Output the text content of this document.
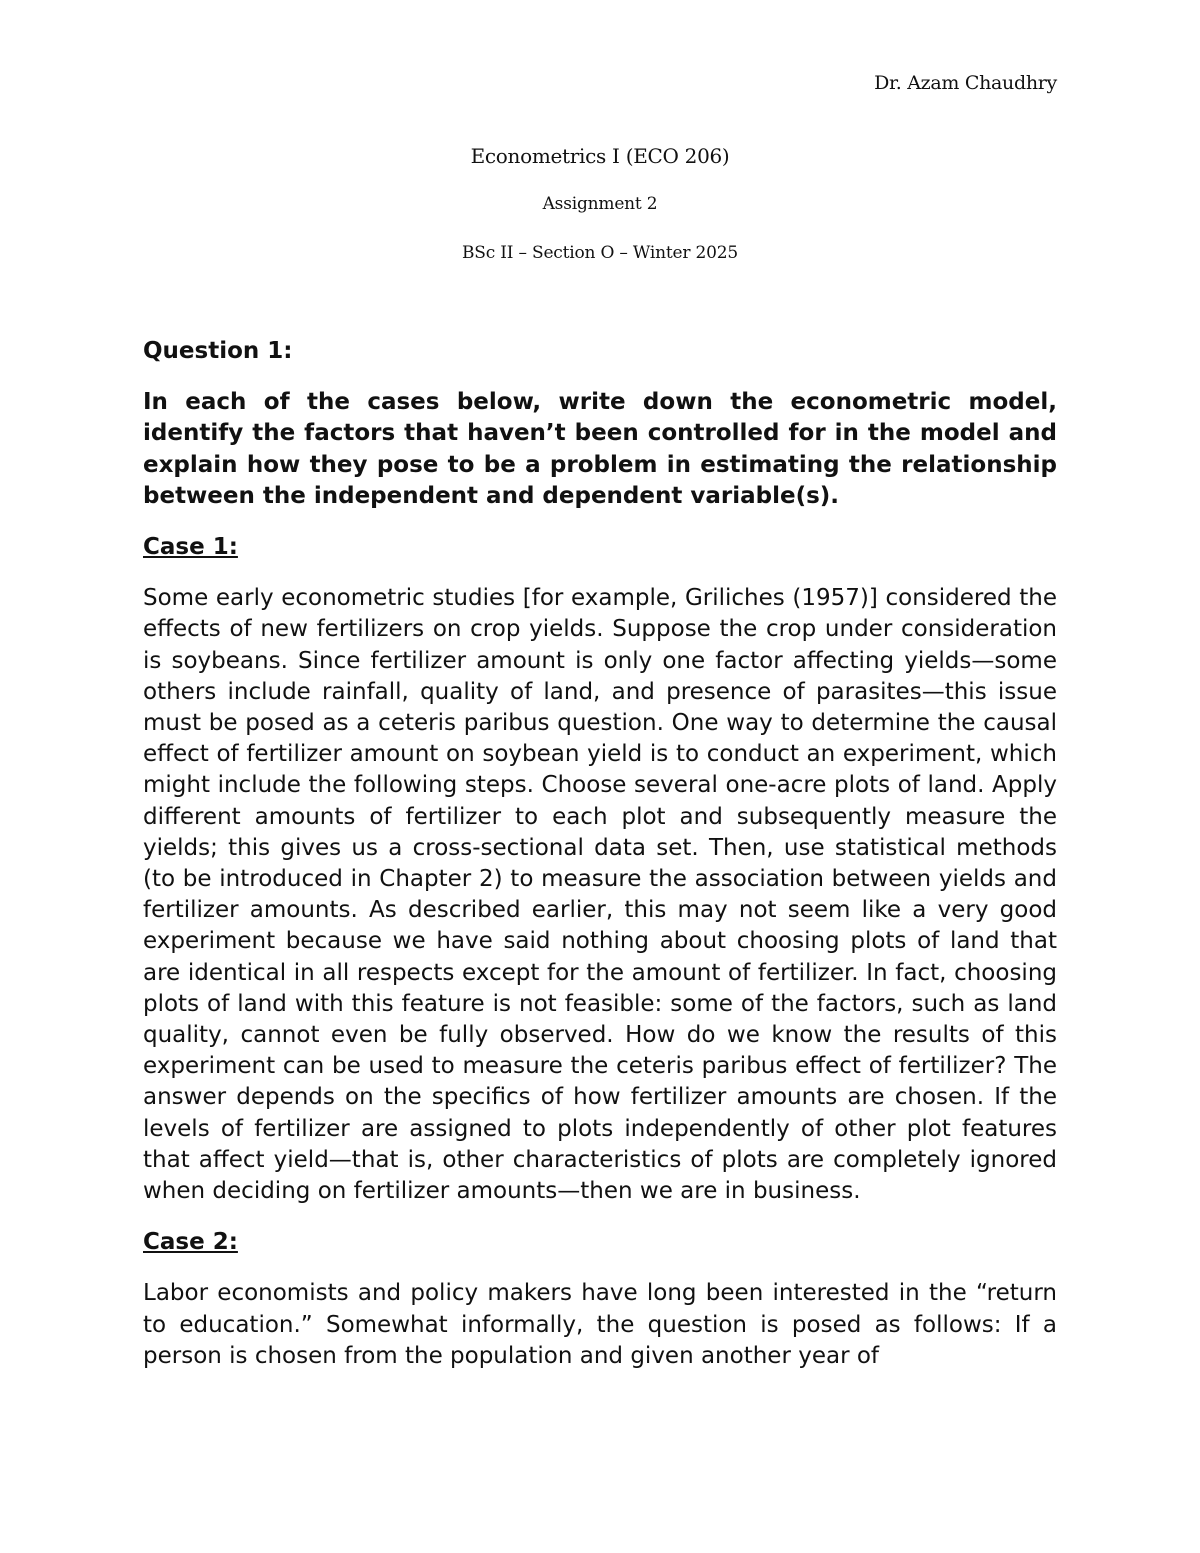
Dr. Azam Chaudhry

Econometrics I (ECO 206)

Assignment 2

BSc II – Section O – Winter 2025

Question 1:

In each of the cases below, write down the econometric model, identify the factors that haven’t been controlled for in the model and explain how they pose to be a problem in estimating the relationship between the independent and dependent variable(s).

Case 1:

Some early econometric studies [for example, Griliches (1957)] considered the effects of new fertilizers on crop yields. Suppose the crop under consideration is soybeans. Since fertilizer amount is only one factor affecting yields—some others include rainfall, quality of land, and presence of parasites—this issue must be posed as a ceteris paribus question. One way to determine the causal effect of fertilizer amount on soybean yield is to conduct an experiment, which might include the following steps. Choose several one-acre plots of land. Apply different amounts of fertilizer to each plot and subsequently measure the yields; this gives us a cross-sectional data set. Then, use statistical methods (to be introduced in Chapter 2) to measure the association between yields and fertilizer amounts. As described earlier, this may not seem like a very good experiment because we have said nothing about choosing plots of land that are identical in all respects except for the amount of fertilizer. In fact, choosing plots of land with this feature is not feasible: some of the factors, such as land quality, cannot even be fully observed. How do we know the results of this experiment can be used to measure the ceteris paribus effect of fertilizer? The answer depends on the specifics of how fertilizer amounts are chosen. If the levels of fertilizer are assigned to plots independently of other plot features that affect yield—that is, other characteristics of plots are completely ignored when deciding on fertilizer amounts—then we are in business.

Case 2:

Labor economists and policy makers have long been interested in the “return to education.” Somewhat informally, the question is posed as follows: If a person is chosen from the population and given another year of
